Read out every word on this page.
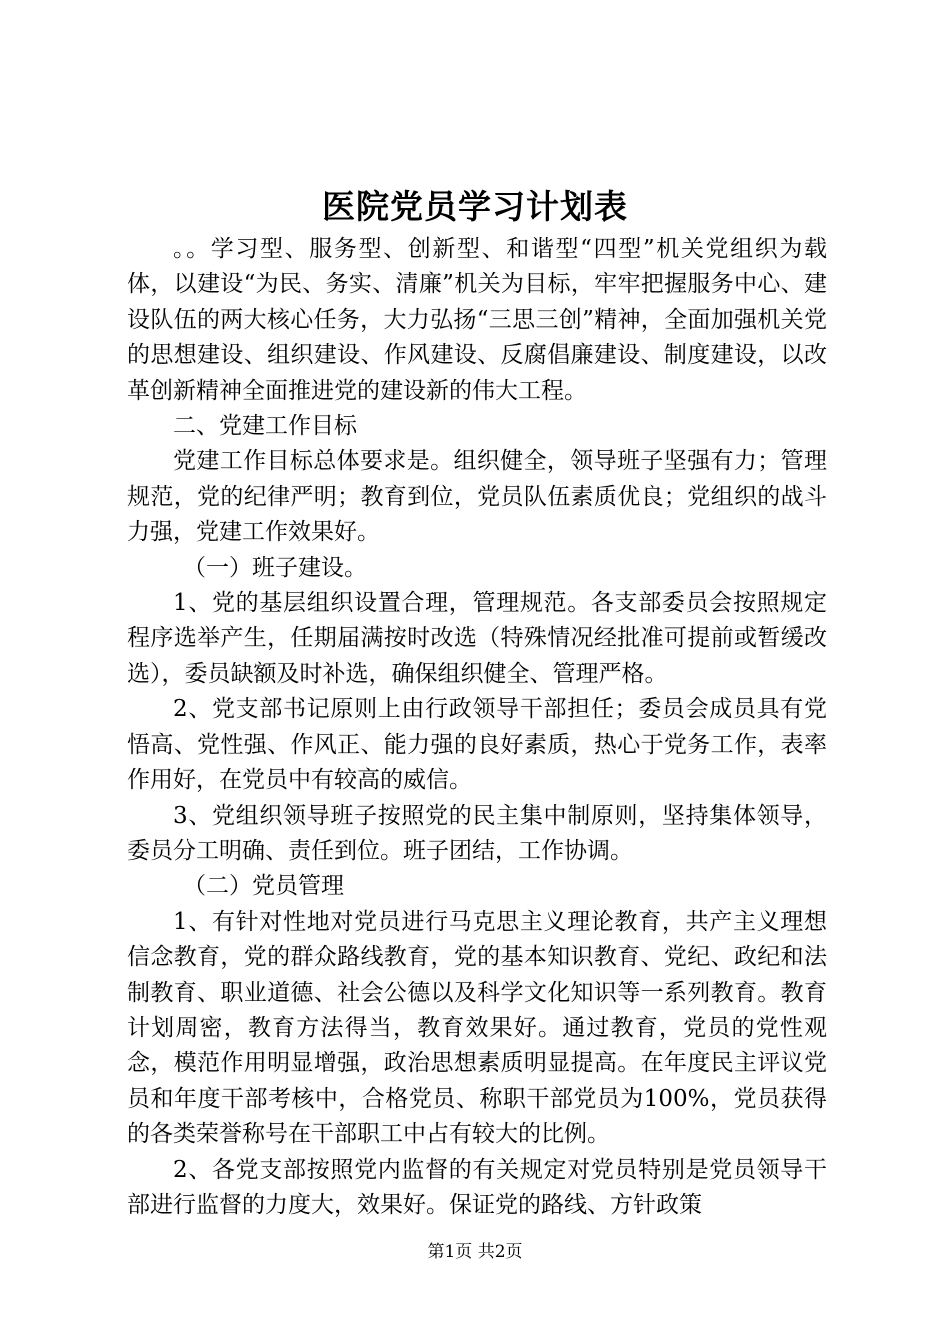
医院党员学习计划表

。。学习型、服务型、创新型、和谐型“四型”机关党组织为载体，以建设“为民、务实、清廉”机关为目标，牢牢把握服务中心、建设队伍的两大核心任务，大力弘扬“三思三创”精神，全面加强机关党的思想建设、组织建设、作风建设、反腐倡廉建设、制度建设，以改革创新精神全面推进党的建设新的伟大工程。

二、党建工作目标

党建工作目标总体要求是。组织健全，领导班子坚强有力；管理规范，党的纪律严明；教育到位，党员队伍素质优良；党组织的战斗力强，党建工作效果好。

（一）班子建设。

1、党的基层组织设置合理，管理规范。各支部委员会按照规定程序选举产生，任期届满按时改选（特殊情况经批准可提前或暂缓改选），委员缺额及时补选，确保组织健全、管理严格。

2、党支部书记原则上由行政领导干部担任；委员会成员具有党悟高、党性强、作风正、能力强的良好素质，热心于党务工作，表率作用好，在党员中有较高的威信。

3、党组织领导班子按照党的民主集中制原则，坚持集体领导，委员分工明确、责任到位。班子团结，工作协调。

（二）党员管理

1、有针对性地对党员进行马克思主义理论教育，共产主义理想信念教育，党的群众路线教育，党的基本知识教育、党纪、政纪和法制教育、职业道德、社会公德以及科学文化知识等一系列教育。教育计划周密，教育方法得当，教育效果好。通过教育，党员的党性观念，模范作用明显增强，政治思想素质明显提高。在年度民主评议党员和年度干部考核中，合格党员、称职干部党员为100%，党员获得的各类荣誉称号在干部职工中占有较大的比例。

2、各党支部按照党内监督的有关规定对党员特别是党员领导干部进行监督的力度大，效果好。保证党的路线、方针政策

第1页 共2页
